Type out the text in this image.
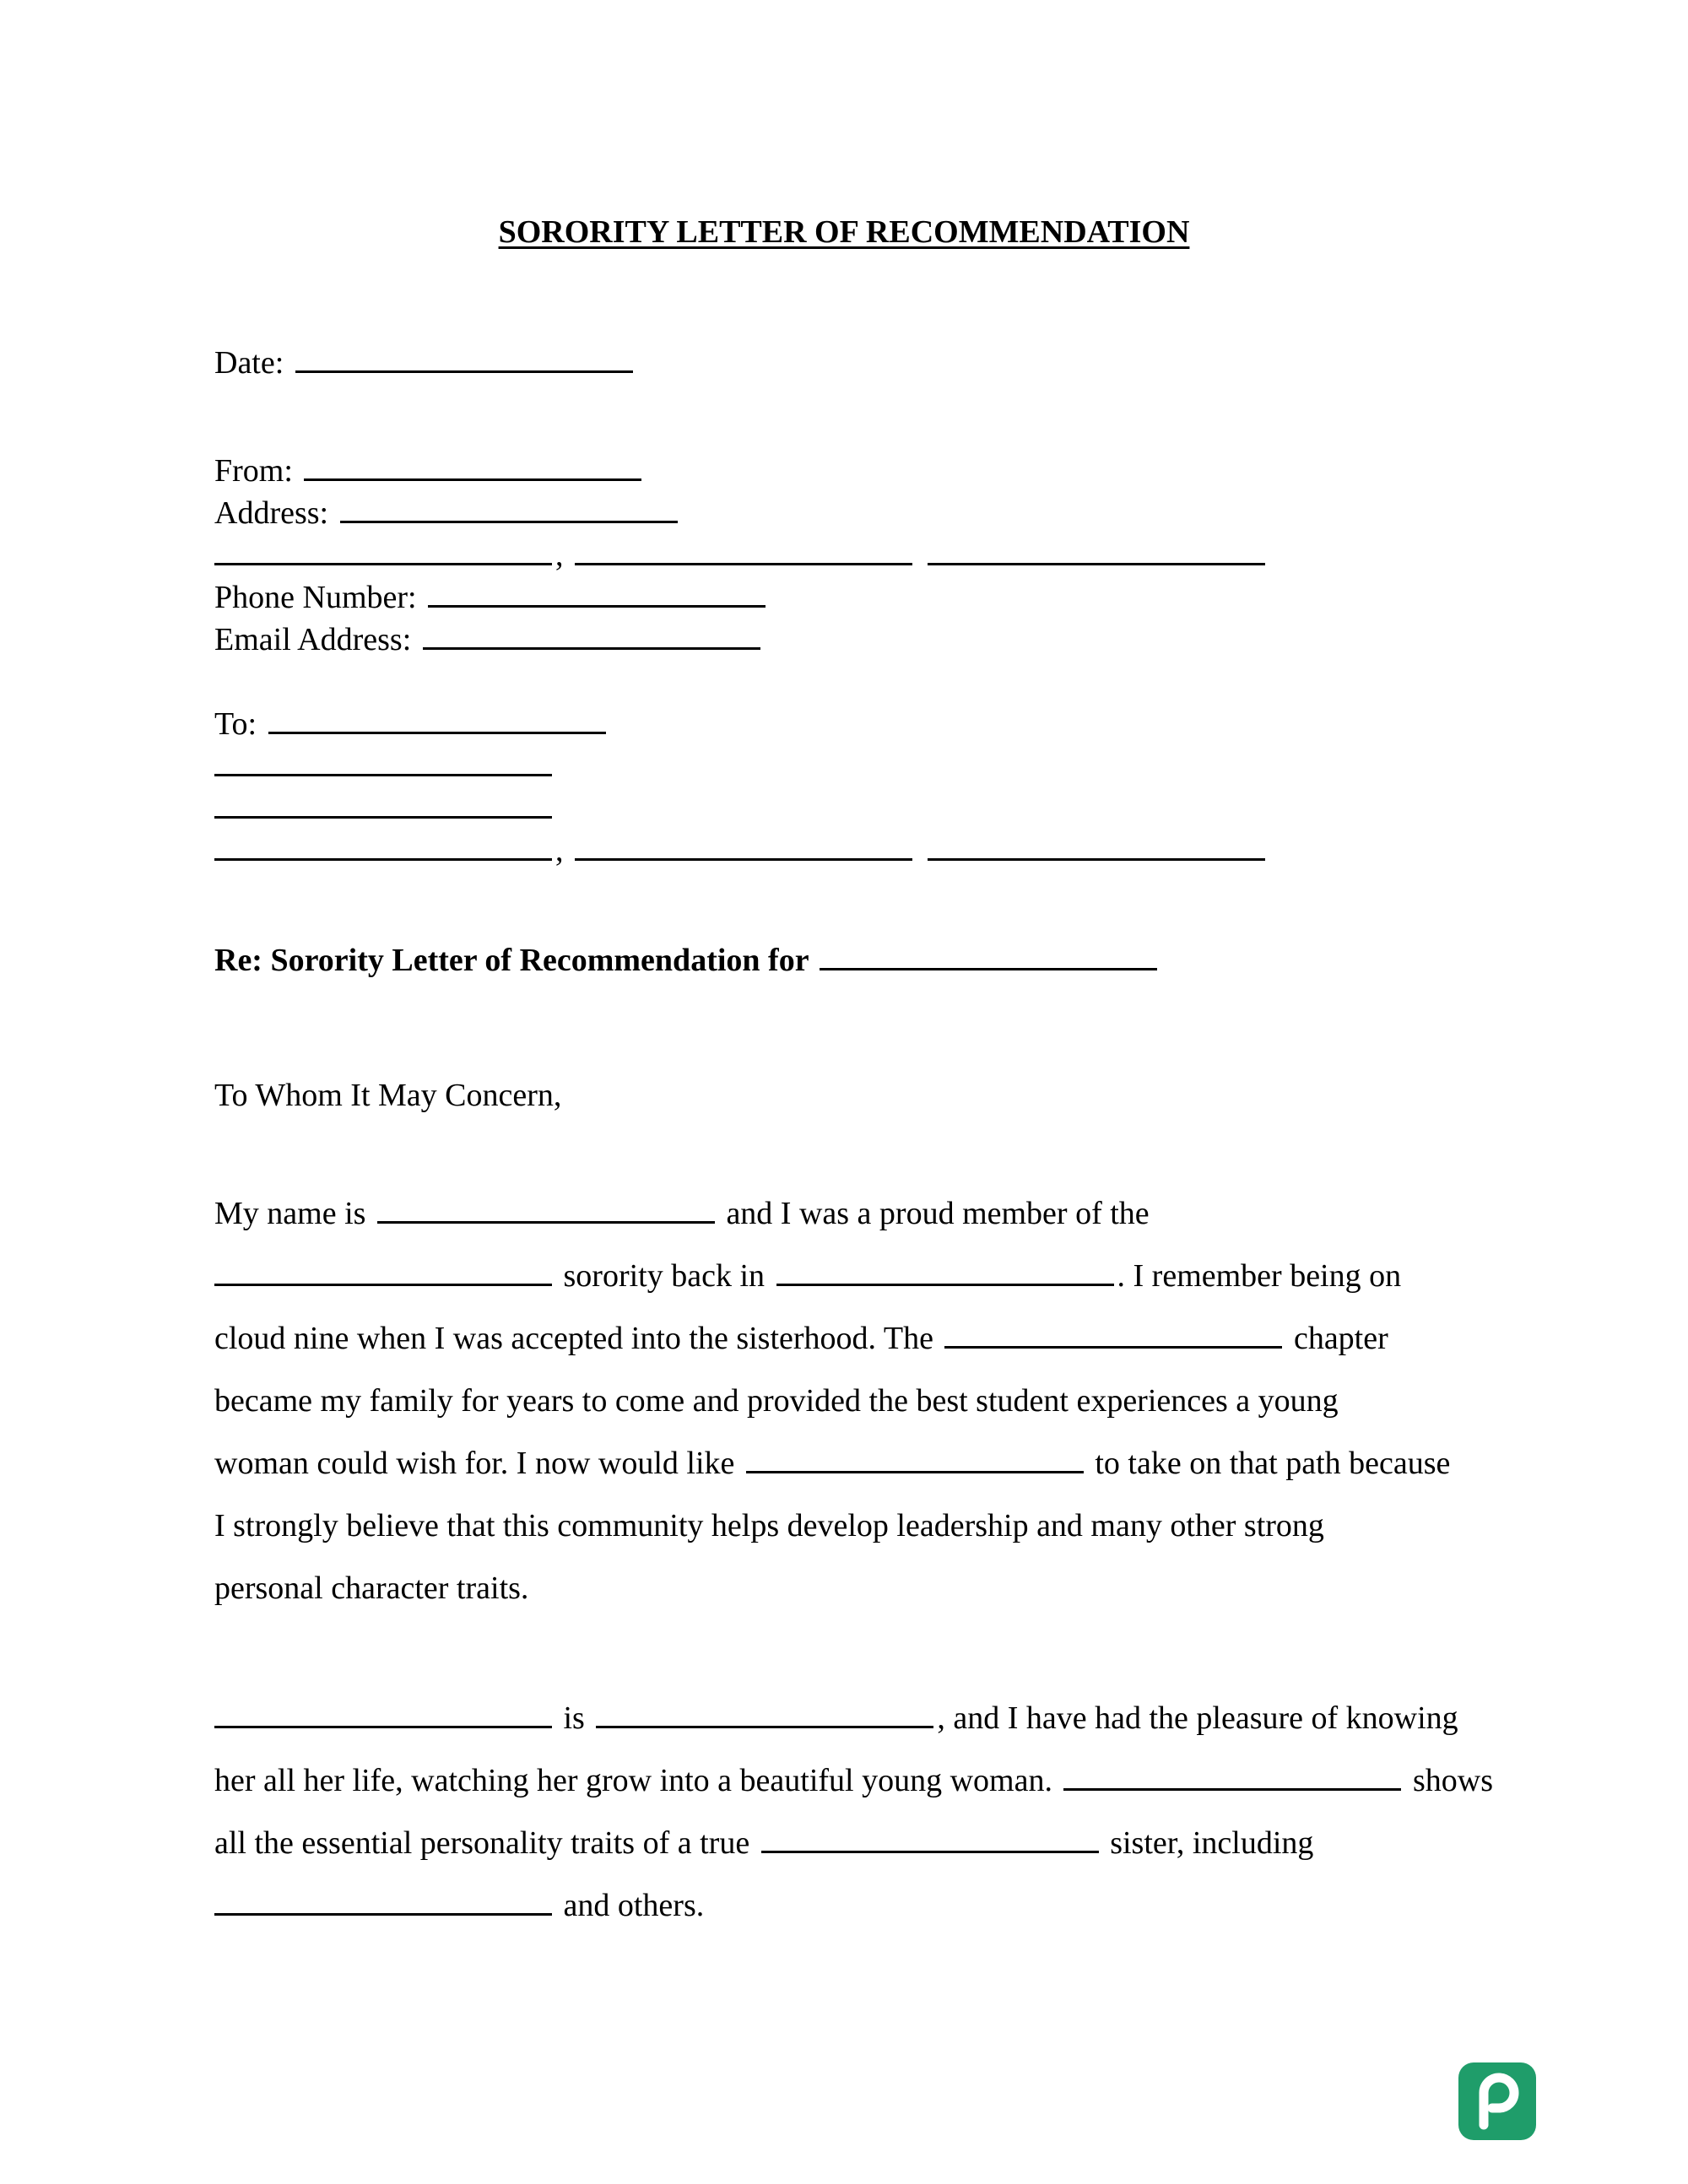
SORORITY LETTER OF RECOMMENDATION
Date:
From:
Address:
,
Phone Number:
Email Address:
To:
,
Re: Sorority Letter of Recommendation for
To Whom It May Concern,
My name is	and I was a proud member of the
sorority back in	. I remember being on
cloud nine when I was accepted into the sisterhood. The	chapter
became my family for years to come and provided the best student experiences a young
woman could wish for. I now would like	to take on that path because
I strongly believe that this community helps develop leadership and many other strong
personal character traits.
is	, and I have had the pleasure of knowing
her all her life, watching her grow into a beautiful young woman.	shows
all the essential personality traits of a true	sister, including
and others.
